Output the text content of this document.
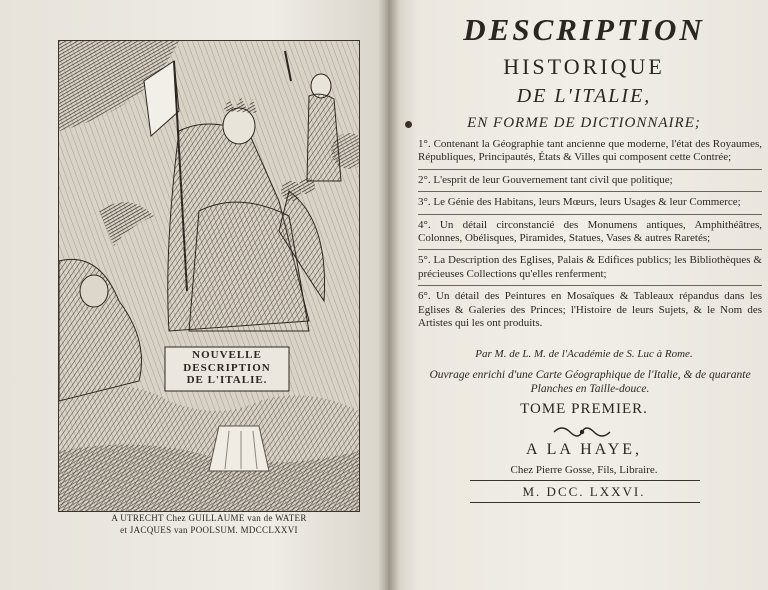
NOUVELLE
DESCRIPTION
DE L'ITALIE.
A UTRECHT Chez GUILLAUME van de WATER
et JACQUES van POOLSUM. MDCCLXXVI
DESCRIPTION
HISTORIQUE
DE L'ITALIE,
EN FORME DE DICTIONNAIRE;
1°. Contenant la Géographie tant ancienne que moderne, l'état des Royaumes, Républiques, Principautés, États & Villes qui composent cette Contrée;
2°. L'esprit de leur Gouvernement tant civil que politique;
3°. Le Génie des Habitans, leurs Mœurs, leurs Usages & leur Commerce;
4°. Un détail circonstancié des Monumens antiques, Amphithéâtres, Colonnes, Obélisques, Piramides, Statues, Vases & autres Raretés;
5°. La Description des Eglises, Palais & Edifices publics; les Bibliothèques & précieuses Collections qu'elles renferment;
6°. Un détail des Peintures en Mosaïques & Tableaux répandus dans les Eglises & Galeries des Princes; l'Histoire de leurs Sujets, & le Nom des Artistes qui les ont produits.
Par M. de L. M. de l'Académie de S. Luc à Rome.
Ouvrage enrichi d'une Carte Géographique de l'Italie, & de quarante Planches en Taille-douce.
TOME PREMIER.
A LA HAYE,
Chez Pierre Gosse, Fils, Libraire.
M. DCC. LXXVI.
